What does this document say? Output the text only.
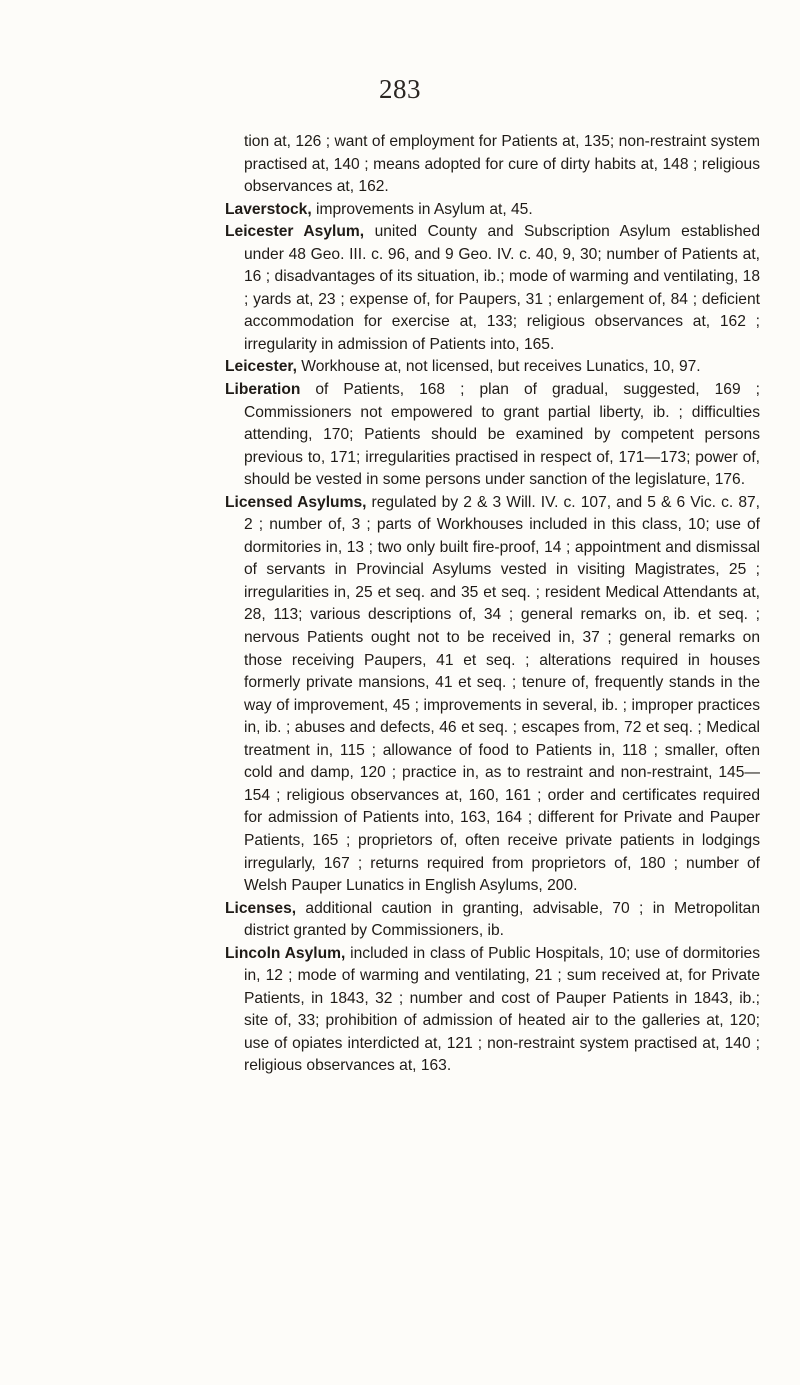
283

tion at, 126 ; want of employment for Patients at, 135; non-restraint system practised at, 140 ; means adopted for cure of dirty habits at, 148 ; religious observances at, 162.

Laverstock, improvements in Asylum at, 45.

Leicester Asylum, united County and Subscription Asylum established under 48 Geo. III. c. 96, and 9 Geo. IV. c. 40, 9, 30; number of Patients at, 16 ; disadvantages of its situation, ib.; mode of warming and ventilating, 18 ; yards at, 23 ; expense of, for Paupers, 31 ; enlargement of, 84 ; deficient accommodation for exercise at, 133; religious observances at, 162 ; irregularity in admission of Patients into, 165.

Leicester, Workhouse at, not licensed, but receives Lunatics, 10, 97.

Liberation of Patients, 168 ; plan of gradual, suggested, 169 ; Commissioners not empowered to grant partial liberty, ib. ; difficulties attending, 170; Patients should be examined by competent persons previous to, 171; irregularities practised in respect of, 171—173; power of, should be vested in some persons under sanction of the legislature, 176.

Licensed Asylums, regulated by 2 & 3 Will. IV. c. 107, and 5 & 6 Vic. c. 87, 2 ; number of, 3 ; parts of Workhouses included in this class, 10; use of dormitories in, 13 ; two only built fire-proof, 14 ; appointment and dismissal of servants in Provincial Asylums vested in visiting Magistrates, 25 ; irregularities in, 25 et seq. and 35 et seq. ; resident Medical Attendants at, 28, 113; various descriptions of, 34 ; general remarks on, ib. et seq. ; nervous Patients ought not to be received in, 37 ; general remarks on those receiving Paupers, 41 et seq. ; alterations required in houses formerly private mansions, 41 et seq. ; tenure of, frequently stands in the way of improvement, 45 ; improvements in several, ib. ; improper practices in, ib. ; abuses and defects, 46 et seq. ; escapes from, 72 et seq. ; Medical treatment in, 115 ; allowance of food to Patients in, 118 ; smaller, often cold and damp, 120 ; practice in, as to restraint and non-restraint, 145—154 ; religious observances at, 160, 161 ; order and certificates required for admission of Patients into, 163, 164 ; different for Private and Pauper Patients, 165 ; proprietors of, often receive private patients in lodgings irregularly, 167 ; returns required from proprietors of, 180 ; number of Welsh Pauper Lunatics in English Asylums, 200.

Licenses, additional caution in granting, advisable, 70 ; in Metropolitan district granted by Commissioners, ib.

Lincoln Asylum, included in class of Public Hospitals, 10; use of dormitories in, 12 ; mode of warming and ventilating, 21 ; sum received at, for Private Patients, in 1843, 32 ; number and cost of Pauper Patients in 1843, ib.; site of, 33; prohibition of admission of heated air to the galleries at, 120; use of opiates interdicted at, 121 ; non-restraint system practised at, 140 ; religious observances at, 163.
